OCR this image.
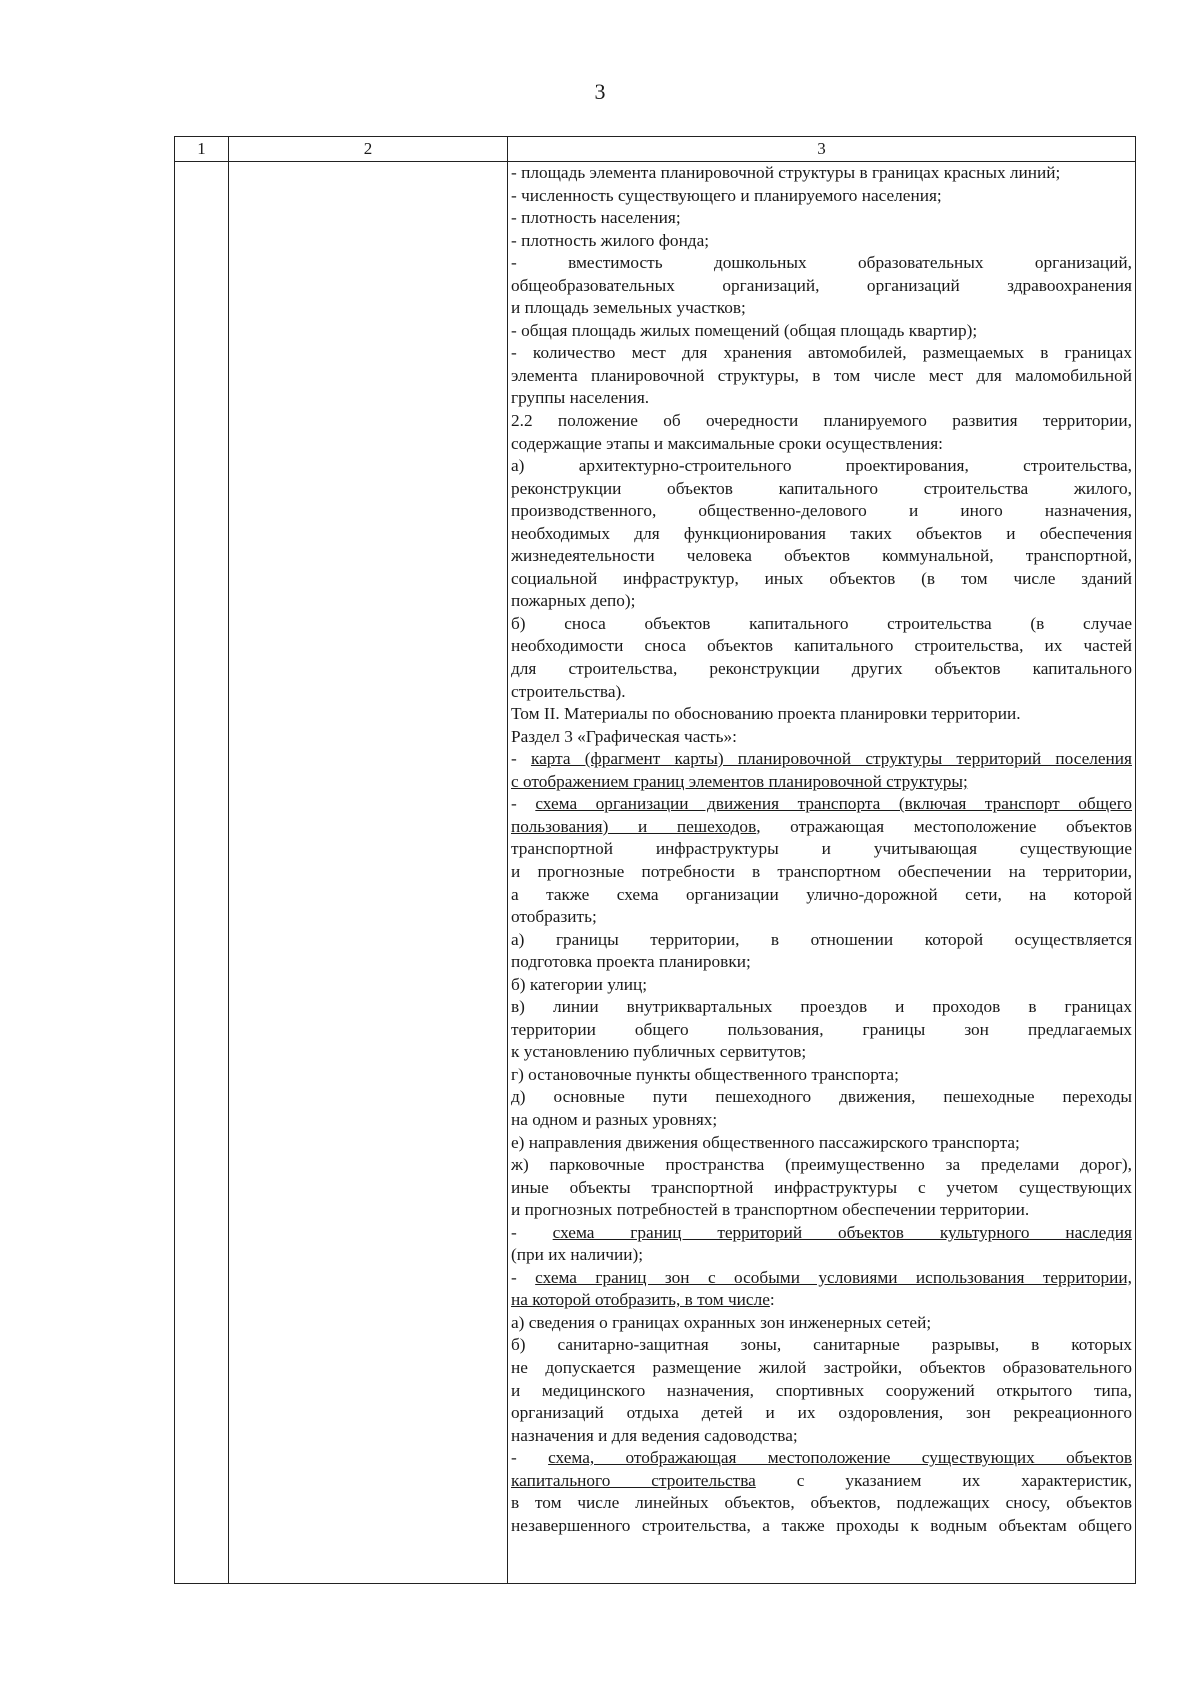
3
1	2	3
- площадь элемента планировочной структуры в границах красных линий;
- численность существующего и планируемого населения;
- плотность населения;
- плотность жилого фонда;
- вместимость дошкольных образовательных организаций,
общеобразовательных организаций, организаций здравоохранения
и площадь земельных участков;
- общая площадь жилых помещений (общая площадь квартир);
- количество мест для хранения автомобилей, размещаемых в границах
элемента планировочной структуры, в том числе мест для маломобильной
группы населения.
2.2 положение об очередности планируемого развития территории,
содержащие этапы и максимальные сроки осуществления:
а) архитектурно-строительного проектирования, строительства,
реконструкции объектов капитального строительства жилого,
производственного, общественно-делового и иного назначения,
необходимых для функционирования таких объектов и обеспечения
жизнедеятельности человека объектов коммунальной, транспортной,
социальной инфраструктур, иных объектов (в том числе зданий
пожарных депо);
б) сноса объектов капитального строительства (в случае
необходимости сноса объектов капитального строительства, их частей
для строительства, реконструкции других объектов капитального
строительства).
Том II. Материалы по обоснованию проекта планировки территории.
Раздел 3 «Графическая часть»:
- карта (фрагмент карты) планировочной структуры территорий поселения
с отображением границ элементов планировочной структуры;
- схема организации движения транспорта (включая транспорт общего
пользования) и пешеходов, отражающая местоположение объектов
транспортной инфраструктуры и учитывающая существующие
и прогнозные потребности в транспортном обеспечении на территории,
а также схема организации улично-дорожной сети, на которой
отобразить;
а) границы территории, в отношении которой осуществляется
подготовка проекта планировки;
б) категории улиц;
в) линии внутриквартальных проездов и проходов в границах
территории общего пользования, границы зон предлагаемых
к установлению публичных сервитутов;
г) остановочные пункты общественного транспорта;
д) основные пути пешеходного движения, пешеходные переходы
на одном и разных уровнях;
е) направления движения общественного пассажирского транспорта;
ж) парковочные пространства (преимущественно за пределами дорог),
иные объекты транспортной инфраструктуры с учетом существующих
и прогнозных потребностей в транспортном обеспечении территории.
- схема границ территорий объектов культурного наследия
(при их наличии);
- схема границ зон с особыми условиями использования территории,
на которой отобразить, в том числе:
а) сведения о границах охранных зон инженерных сетей;
б) санитарно-защитная зоны, санитарные разрывы, в которых
не допускается размещение жилой застройки, объектов образовательного
и медицинского назначения, спортивных сооружений открытого типа,
организаций отдыха детей и их оздоровления, зон рекреационного
назначения и для ведения садоводства;
- схема, отображающая местоположение существующих объектов
капитального строительства с указанием их характеристик,
в том числе линейных объектов, объектов, подлежащих сносу, объектов
незавершенного строительства, а также проходы к водным объектам общего
